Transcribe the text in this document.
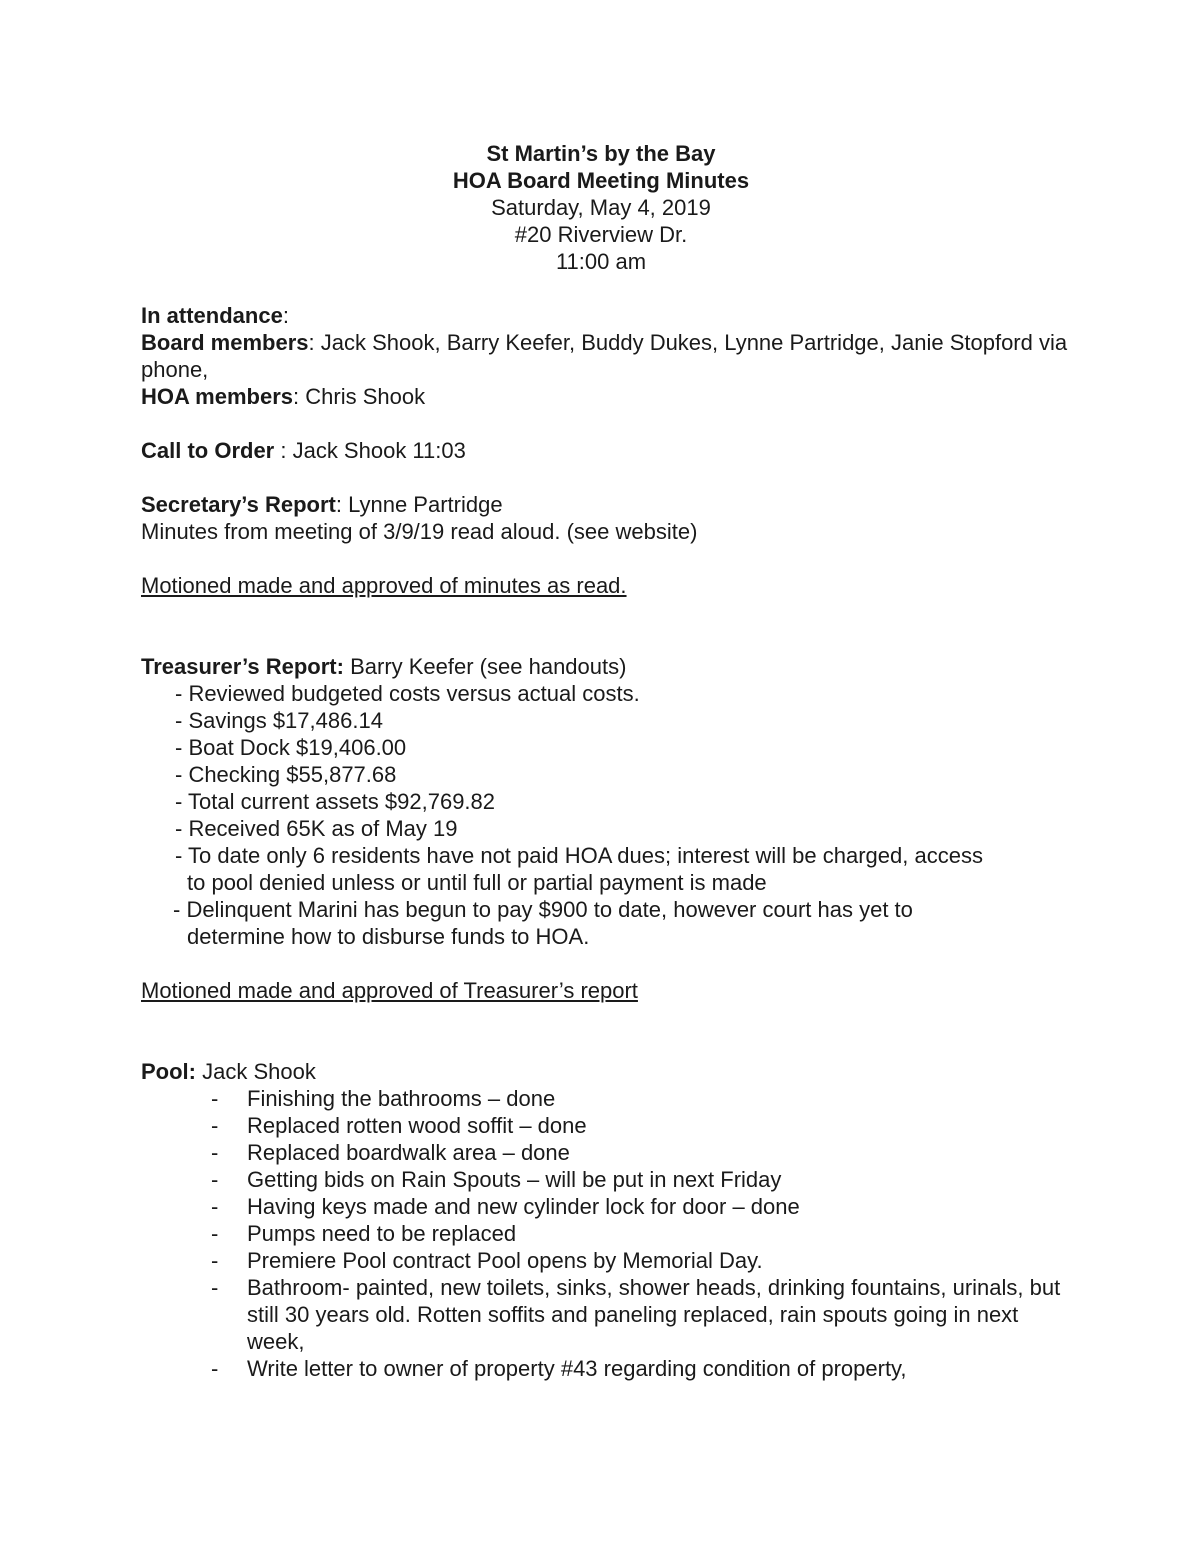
St Martin’s by the Bay
HOA Board Meeting Minutes
Saturday, May 4, 2019
#20 Riverview Dr.
11:00 am
In attendance:
Board members: Jack Shook, Barry Keefer, Buddy Dukes, Lynne Partridge, Janie Stopford via phone,
HOA members: Chris Shook
Call to Order : Jack Shook 11:03
Secretary’s Report: Lynne Partridge
Minutes from meeting of 3/9/19 read aloud. (see website)
Motioned made and approved of minutes as read.
Treasurer’s Report: Barry Keefer (see handouts)
- Reviewed budgeted costs versus actual costs.
- Savings $17,486.14
- Boat Dock $19,406.00
- Checking $55,877.68
- Total current assets $92,769.82
- Received 65K as of May 19
- To date only 6 residents have not paid HOA dues; interest will be charged, access
to pool denied unless or until full or partial payment is made
- Delinquent Marini has begun to pay $900 to date, however court has yet to
determine how to disburse funds to HOA.
Motioned made and approved of Treasurer’s report
Pool: Jack Shook
- Finishing the bathrooms – done
- Replaced rotten wood soffit – done
- Replaced boardwalk area – done
- Getting bids on Rain Spouts – will be put in next Friday
- Having keys made and new cylinder lock for door – done
- Pumps need to be replaced
- Premiere Pool contract Pool opens by Memorial Day.
- Bathroom- painted, new toilets, sinks, shower heads, drinking fountains, urinals, but still 30 years old. Rotten soffits and paneling replaced, rain spouts going in next week,
- Write letter to owner of property #43 regarding condition of property,
